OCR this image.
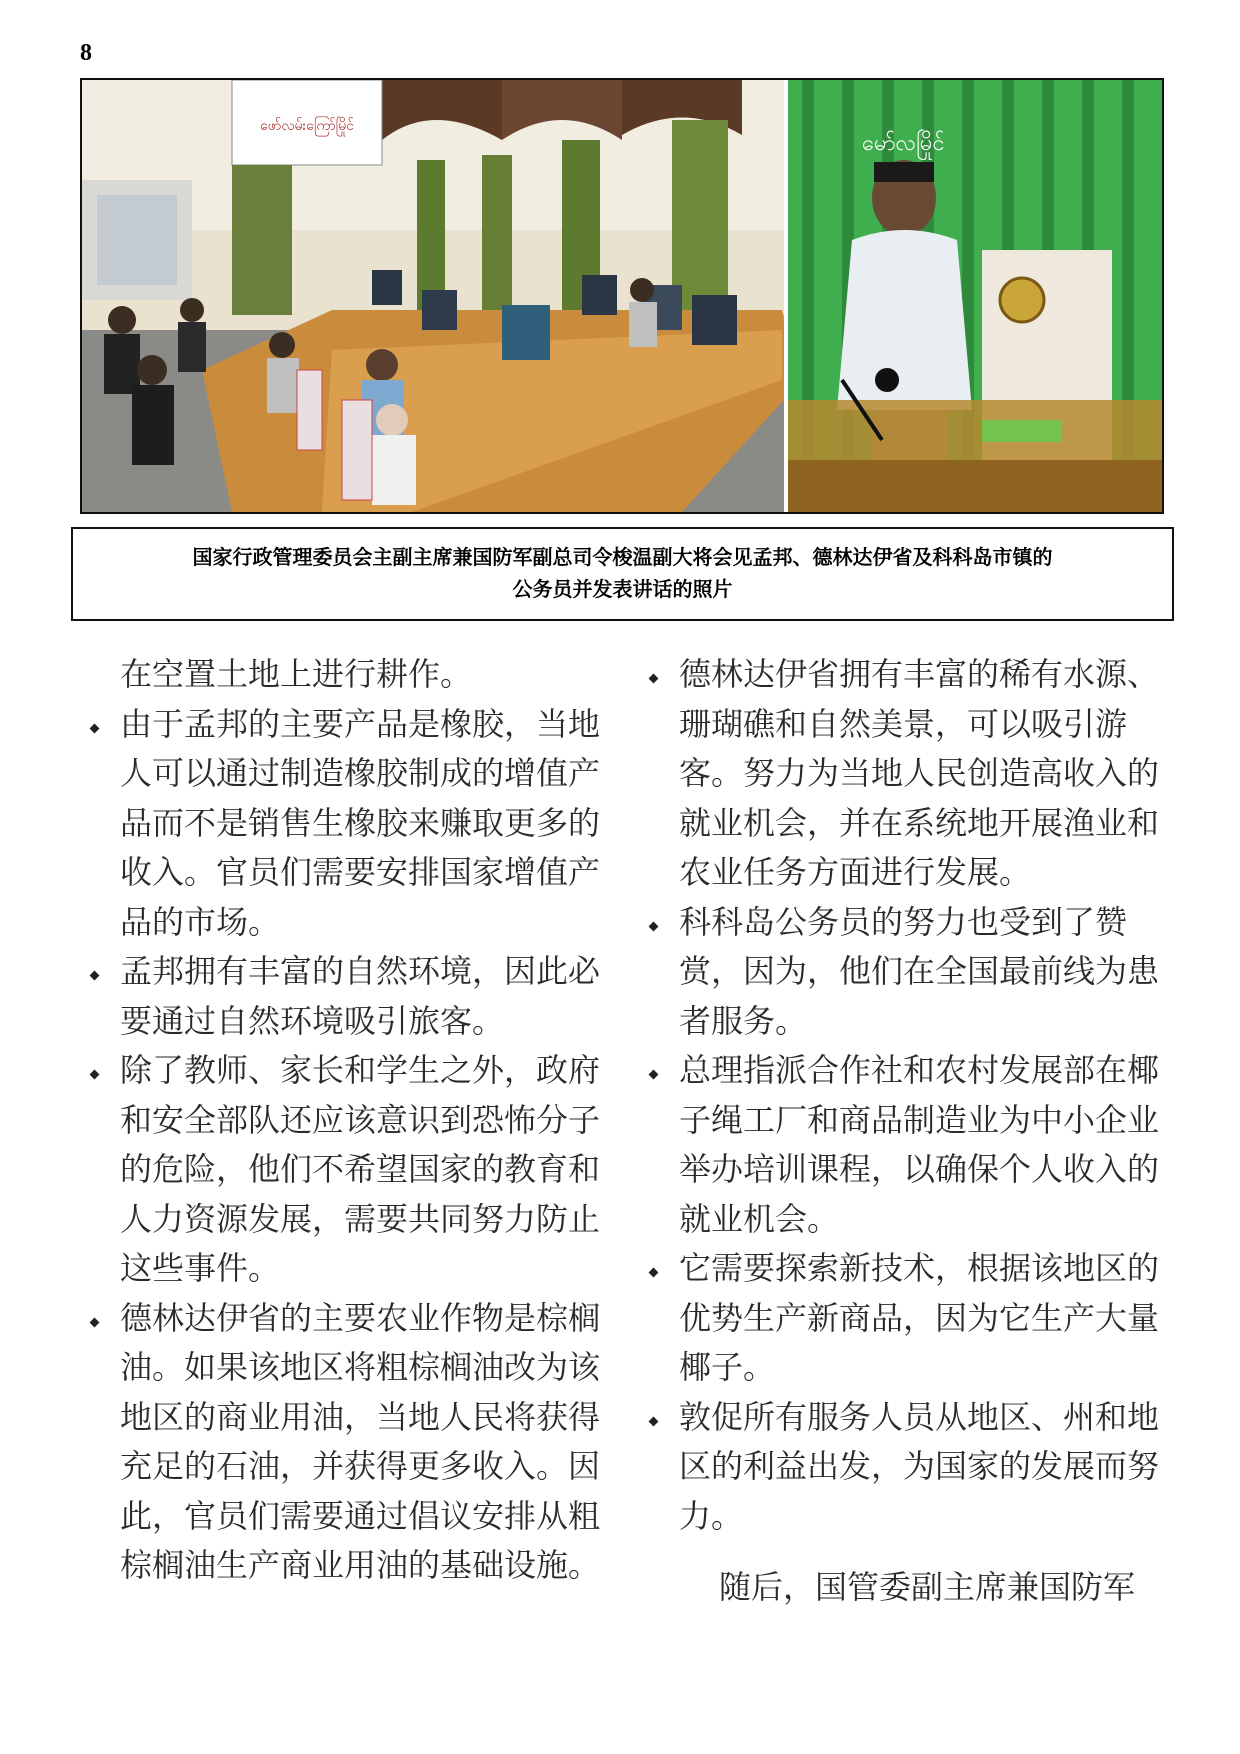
8
ဖော်လမ်းကြော်မြိုင်
မော်လမြိုင်
国家行政管理委员会主副主席兼国防军副总司令梭温副大将会见孟邦、德林达伊省及科科岛市镇的
公务员并发表讲话的照片

在空置土地上进行耕作。

由于孟邦的主要产品是橡胶，当地人可以通过制造橡胶制成的增值产品而不是销售生橡胶来赚取更多的收入。官员们需要安排国家增值产品的市场。
孟邦拥有丰富的自然环境，因此必要通过自然环境吸引旅客。
除了教师、家长和学生之外，政府和安全部队还应该意识到恐怖分子的危险，他们不希望国家的教育和人力资源发展，需要共同努力防止这些事件。
德林达伊省的主要农业作物是棕榈油。如果该地区将粗棕榈油改为该地区的商业用油，当地人民将获得充足的石油，并获得更多收入。因此，官员们需要通过倡议安排从粗棕榈油生产商业用油的基础设施。
德林达伊省拥有丰富的稀有水源、珊瑚礁和自然美景，可以吸引游客。努力为当地人民创造高收入的就业机会，并在系统地开展渔业和农业任务方面进行发展。
科科岛公务员的努力也受到了赞赏，因为，他们在全国最前线为患者服务。
总理指派合作社和农村发展部在椰子绳工厂和商品制造业为中小企业举办培训课程，以确保个人收入的就业机会。
它需要探索新技术，根据该地区的优势生产新商品，因为它生产大量椰子。
敦促所有服务人员从地区、州和地区的利益出发，为国家的发展而努力。

随后，国管委副主席兼国防军
